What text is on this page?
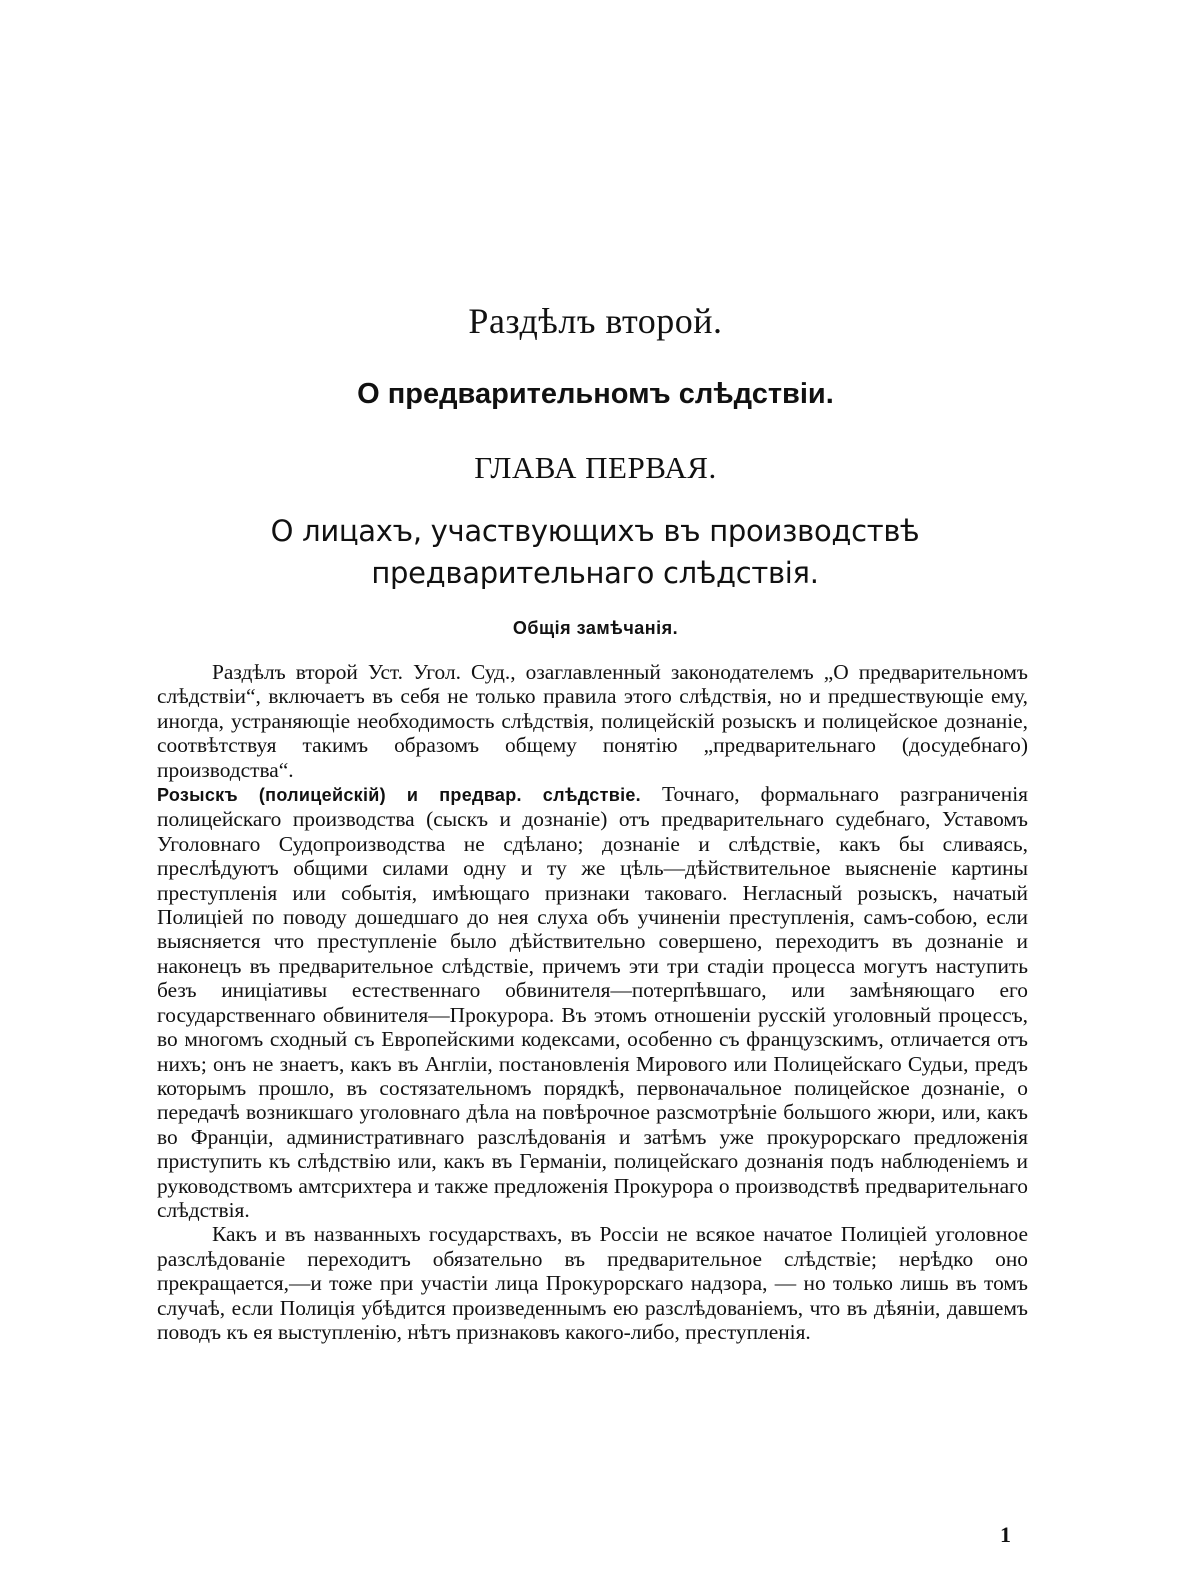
Раздѣлъ второй.
О предварительномъ слѣдствіи.
ГЛАВА ПЕРВАЯ.
О лицахъ, участвующихъ въ производствѣ предварительнаго слѣдствія.
Общія замѣчанія.

Раздѣлъ второй Уст. Угол. Суд., озаглавленный законодателемъ „О предварительномъ слѣдствіи“, включаетъ въ себя не только правила этого слѣдствія, но и предшествующіе ему, иногда, устраняющіе необходимость слѣдствія, полицейскій розыскъ и полицейское дознаніе, соотвѣтствуя такимъ образомъ общему понятію „предварительнаго (досудебнаго) производства“.

Розыскъ (полицейскій) и предвар. слѣдствіе. Точнаго, формальнаго разграниченія полицейскаго производства (сыскъ и дознаніе) отъ предварительнаго судебнаго, Уставомъ Уголовнаго Судопроизводства не сдѣлано; дознаніе и слѣдствіе, какъ бы сливаясь, преслѣдуютъ общими силами одну и ту же цѣль—дѣйствительное выясненіе картины преступленія или событія, имѣющаго признаки таковаго. Негласный розыскъ, начатый Полиціей по поводу дошедшаго до нея слуха объ учиненіи преступленія, самъ-собою, если выясняется что преступленіе было дѣйствительно совершено, переходитъ въ дознаніе и наконецъ въ предварительное слѣдствіе, причемъ эти три стадіи процесса могутъ наступить безъ иниціативы естественнаго обвинителя—потерпѣвшаго, или замѣняющаго его государственнаго обвинителя—Прокурора. Въ этомъ отношеніи русскій уголовный процессъ, во многомъ сходный съ Европейскими кодексами, особенно съ французскимъ, отличается отъ нихъ; онъ не знаетъ, какъ въ Англіи, постановленія Мирового или Полицейскаго Судьи, предъ которымъ прошло, въ состязательномъ порядкѣ, первоначальное полицейское дознаніе, о передачѣ возникшаго уголовнаго дѣла на повѣрочное разсмотрѣніе большого жюри, или, какъ во Франціи, административнаго разслѣдованія и затѣмъ уже прокурорскаго предложенія приступить къ слѣдствію или, какъ въ Германіи, полицейскаго дознанія подъ наблюденіемъ и руководствомъ амтсрихтера и также предложенія Прокурора о производствѣ предварительнаго слѣдствія.

Какъ и въ названныхъ государствахъ, въ Россіи не всякое начатое Полиціей уголовное разслѣдованіе переходитъ обязательно въ предварительное слѣдствіе; нерѣдко оно прекращается,—и тоже при участіи лица Прокурорскаго надзора, — но только лишь въ томъ случаѣ, если Полиція убѣдится произведеннымъ ею разслѣдованіемъ, что въ дѣяніи, давшемъ поводъ къ ея выступленію, нѣтъ признаковъ какого-либо, преступленія.

1
